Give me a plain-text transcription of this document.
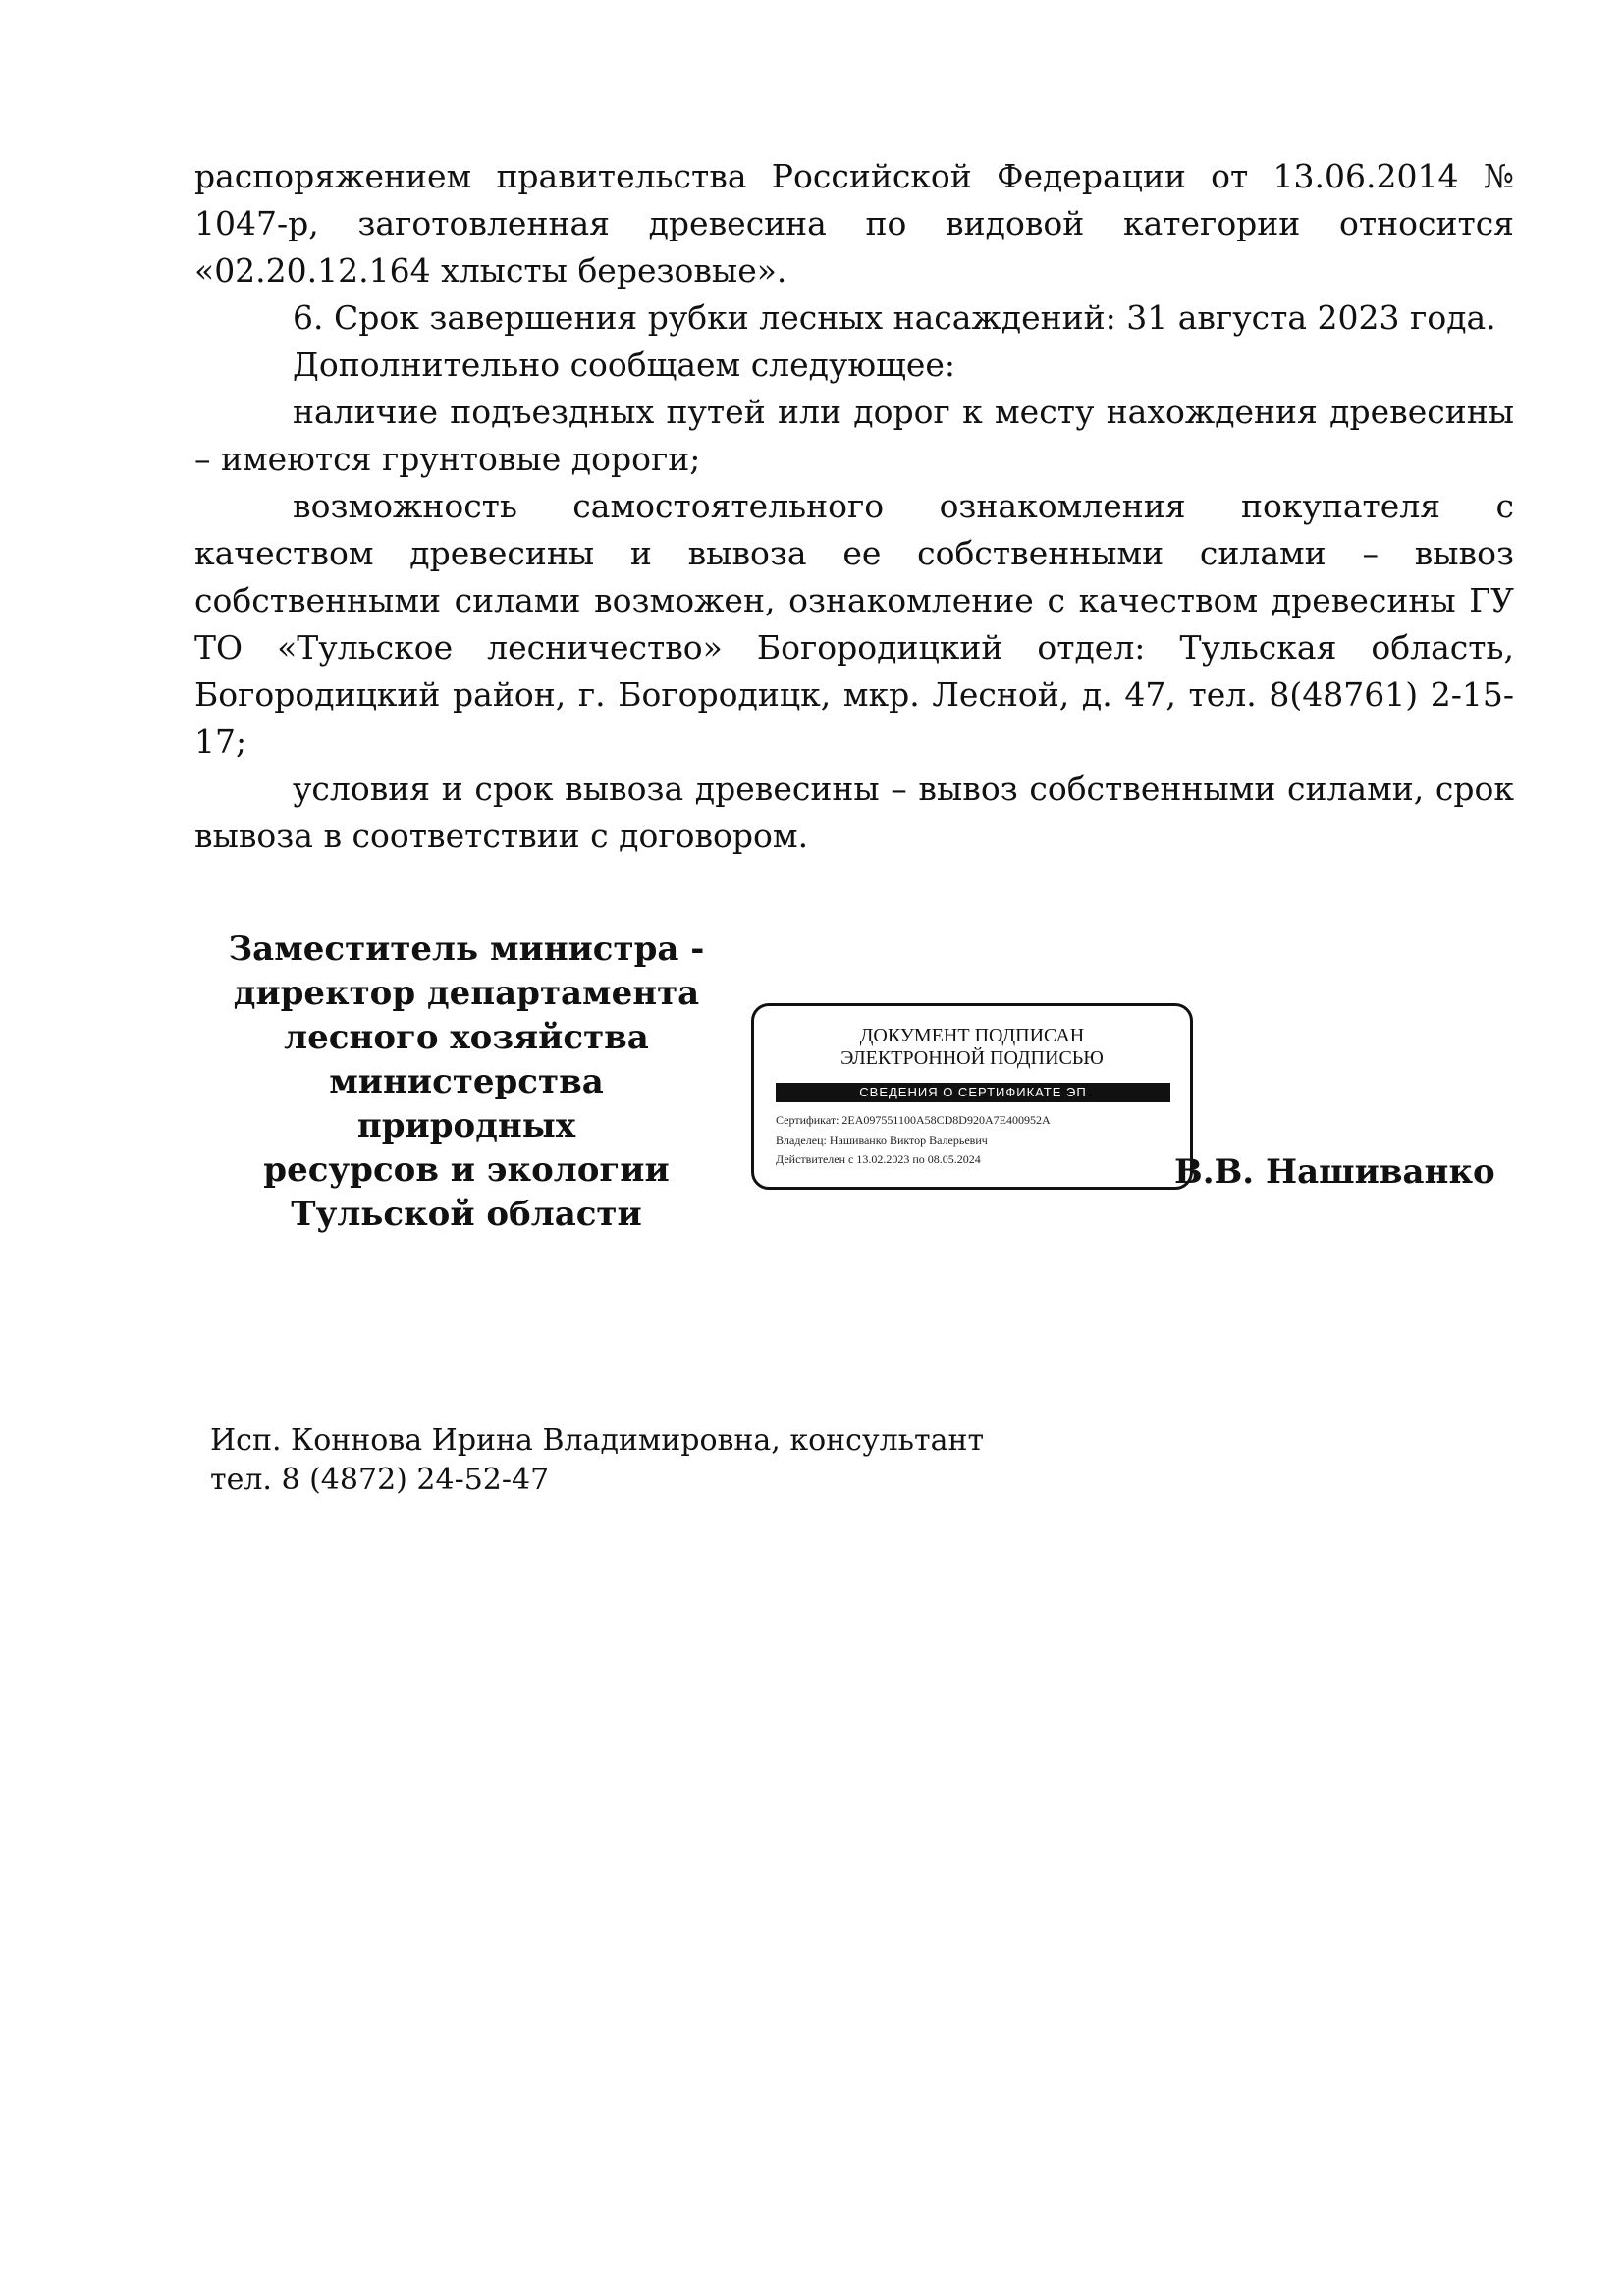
распоряжением правительства Российской Федерации от 13.06.2014 № 1047-р, заготовленная древесина по видовой категории относится «02.20.12.164 хлысты березовые».

6. Срок завершения рубки лесных насаждений: 31 августа 2023 года.

Дополнительно сообщаем следующее:

наличие подъездных путей или дорог к месту нахождения древесины – имеются грунтовые дороги;

возможность самостоятельного ознакомления покупателя с качеством древесины и вывоза ее собственными силами – вывоз собственными силами возможен, ознакомление с качеством древесины ГУ ТО «Тульское лесничество» Богородицкий отдел: Тульская область, Богородицкий район, г. Богородицк, мкр. Лесной, д. 47, тел. 8(48761) 2-15-17;

условия и срок вывоза древесины – вывоз собственными силами, срок вывоза в соответствии с договором.

Заместитель министра -
директор департамента
лесного хозяйства
министерства природных
ресурсов и экологии
Тульской области
ДОКУМЕНТ ПОДПИСАН
ЭЛЕКТРОННОЙ ПОДПИСЬЮ
СВЕДЕНИЯ О СЕРТИФИКАТЕ ЭП
Сертификат: 2EA097551100A58CD8D920A7E400952A
Владелец: Нашиванко Виктор Валерьевич
Действителен с 13.02.2023 по 08.05.2024	В.В. Нашиванко
Исп. Коннова Ирина Владимировна, консультант
тел. 8 (4872) 24-52-47
